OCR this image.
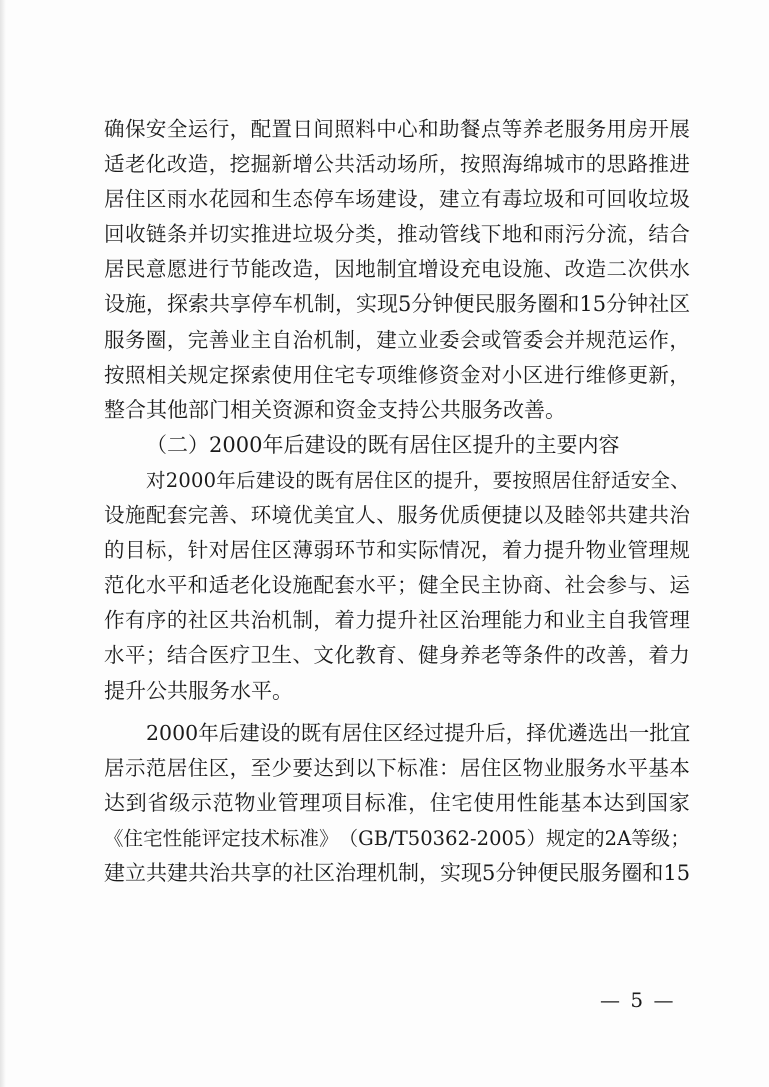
确 保 安 全 运 行 ， 配 置 日 间 照 料 中 心 和 助 餐 点 等 养 老 服 务 用 房 开 展
适 老 化 改 造 ， 挖 掘 新 增 公 共 活 动 场 所 ， 按 照 海 绵 城 市 的 思 路 推 进
居 住 区 雨 水 花 园 和 生 态 停 车 场 建 设 ， 建 立 有 毒 垃 圾 和 可 回 收 垃 圾
回 收 链 条 并 切 实 推 进 垃 圾 分 类 ， 推 动 管 线 下 地 和 雨 污 分 流 ， 结 合
居 民 意 愿 进 行 节 能 改 造 ， 因 地 制 宜 增 设 充 电 设 施 、 改 造 二 次 供 水
设 施 ， 探 索 共 享 停 车 机 制 ， 实 现 5 分 钟 便 民 服 务 圈 和 1 5 分 钟 社 区
服 务 圈 ， 完 善 业 主 自 治 机 制 ， 建 立 业 委 会 或 管 委 会 并 规 范 运 作 ，
按 照 相 关 规 定 探 索 使 用 住 宅 专 项 维 修 资 金 对 小 区 进 行 维 修 更 新 ，
整合其他部门相关资源和资金支持公共服务改善。
（二）2000年后建设的既有居住区提升的主要内容
对 2 0 0 0 年 后 建 设 的 既 有 居 住 区 的 提 升 ， 要 按 照 居 住 舒 适 安 全 、
设 施 配 套 完 善 、 环 境 优 美 宜 人 、 服 务 优 质 便 捷 以 及 睦 邻 共 建 共 治
的 目 标 ， 针 对 居 住 区 薄 弱 环 节 和 实 际 情 况 ， 着 力 提 升 物 业 管 理 规
范 化 水 平 和 适 老 化 设 施 配 套 水 平 ； 健 全 民 主 协 商 、 社 会 参 与 、 运
作 有 序 的 社 区 共 治 机 制 ， 着 力 提 升 社 区 治 理 能 力 和 业 主 自 我 管 理
水 平 ； 结 合 医 疗 卫 生 、 文 化 教 育 、 健 身 养 老 等 条 件 的 改 善 ， 着 力
提升公共服务水平。
2 0 0 0 年 后 建 设 的 既 有 居 住 区 经 过 提 升 后 ， 择 优 遴 选 出 一 批 宜
居 示 范 居 住 区 ， 至 少 要 达 到 以 下 标 准 ： 居 住 区 物 业 服 务 水 平 基 本
达 到 省 级 示 范 物 业 管 理 项 目 标 准 ， 住 宅 使 用 性 能 基 本 达 到 国 家
《 住 宅 性 能 评 定 技 术 标 准 》 （ G B / T 5 0 3 6 2 - 2 0 0 5 ） 规 定 的 2 A 等 级 ；
建 立 共 建 共 治 共 享 的 社 区 治 理 机 制 ， 实 现 5 分 钟 便 民 服 务 圈 和 1 5
— 5 —
